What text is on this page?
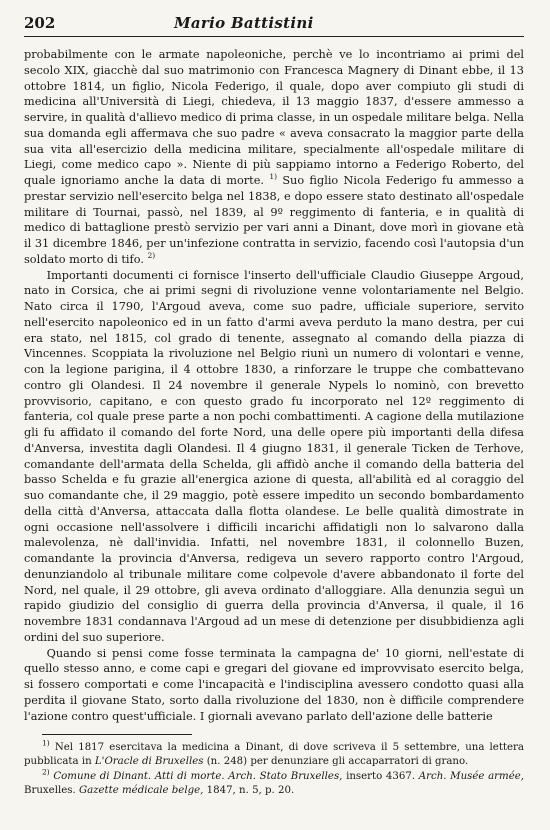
202	Mario Battistini

probabilmente con le armate napoleoniche, perchè ve lo incontriamo ai primi del secolo XIX, giacchè dal suo matrimonio con Francesca Magnery di Dinant ebbe, il 13 ottobre 1814, un figlio, Nicola Federigo, il quale, dopo aver compiuto gli studi di medicina all'Università di Liegi, chiedeva, il 13 maggio 1837, d'essere ammesso a servire, in qualità d'allievo medico di prima classe, in un ospedale militare belga. Nella sua domanda egli affermava che suo padre « aveva consacrato la maggior parte della sua vita all'esercizio della medicina militare, specialmente all'ospedale militare di Liegi, come medico capo ». Niente di più sappiamo intorno a Federigo Roberto, del quale ignoriamo anche la data di morte. $^{1)}$ Suo figlio Nicola Federigo fu ammesso a prestar servizio nell'esercito belga nel 1838, e dopo essere stato destinato all'ospedale militare di Tournai, passò, nel 1839, al 9º reggimento di fanteria, e in qualità di medico di battaglione prestò servizio per vari anni a Dinant, dove morì in giovane età il 31 dicembre 1846, per un'infezione contratta in servizio, facendo così l'autopsia d'un soldato morto di tifo. $^{2)}$

Importanti documenti ci fornisce l'inserto dell'ufficiale Claudio Giuseppe Argoud, nato in Corsica, che ai primi segni di rivoluzione venne volontariamente nel Belgio. Nato circa il 1790, l'Argoud aveva, come suo padre, ufficiale superiore, servito nell'esercito napoleonico ed in un fatto d'armi aveva perduto la mano destra, per cui era stato, nel 1815, col grado di tenente, assegnato al comando della piazza di Vincennes. Scoppiata la rivoluzione nel Belgio riunì un numero di volontari e venne, con la legione parigina, il 4 ottobre 1830, a rinforzare le truppe che combattevano contro gli Olandesi. Il 24 novembre il generale Nypels lo nominò, con brevetto provvisorio, capitano, e con questo grado fu incorporato nel 12º reggimento di fanteria, col quale prese parte a non pochi combattimenti. A cagione della mutilazione gli fu affidato il comando del forte Nord, una delle opere più importanti della difesa d'Anversa, investita dagli Olandesi. Il 4 giugno 1831, il generale Ticken de Terhove, comandante dell'armata della Schelda, gli affidò anche il comando della batteria del basso Schelda e fu grazie all'energica azione di questa, all'abilità ed al coraggio del suo comandante che, il 29 maggio, potè essere impedito un secondo bombardamento della città d'Anversa, attaccata dalla flotta olandese. Le belle qualità dimostrate in ogni occasione nell'assolvere i difficili incarichi affidatigli non lo salvarono dalla malevolenza, nè dall'invidia. Infatti, nel novembre 1831, il colonnello Buzen, comandante la provincia d'Anversa, redigeva un severo rapporto contro l'Argoud, denunziandolo al tribunale militare come colpevole d'avere abbandonato il forte del Nord, nel quale, il 29 ottobre, gli aveva ordinato d'alloggiare. Alla denunzia seguì un rapido giudizio del consiglio di guerra della provincia d'Anversa, il quale, il 16 novembre 1831 condannava l'Argoud ad un mese di detenzione per disubbidienza agli ordini del suo superiore.

Quando si pensi come fosse terminata la campagna de' 10 giorni, nell'estate di quello stesso anno, e come capi e gregari del giovane ed improvvisato esercito belga, si fossero comportati e come l'incapacità e l'indisciplina avessero condotto quasi alla perdita il giovane Stato, sorto dalla rivoluzione del 1830, non è difficile comprendere l'azione contro quest'ufficiale. I giornali avevano parlato dell'azione delle batterie

$^{1)}$ Nel 1817 esercitava la medicina a Dinant, di dove scriveva il 5 settembre, una lettera pubblicata in L'Oracle di Bruxelles (n. 248) per denunziare gli accaparratori di grano.

$^{2)}$ Comune di Dinant. Atti di morte. Arch. Stato Bruxelles, inserto 4367. Arch. Musée armée, Bruxelles. Gazette médicale belge, 1847, n. 5, p. 20.
